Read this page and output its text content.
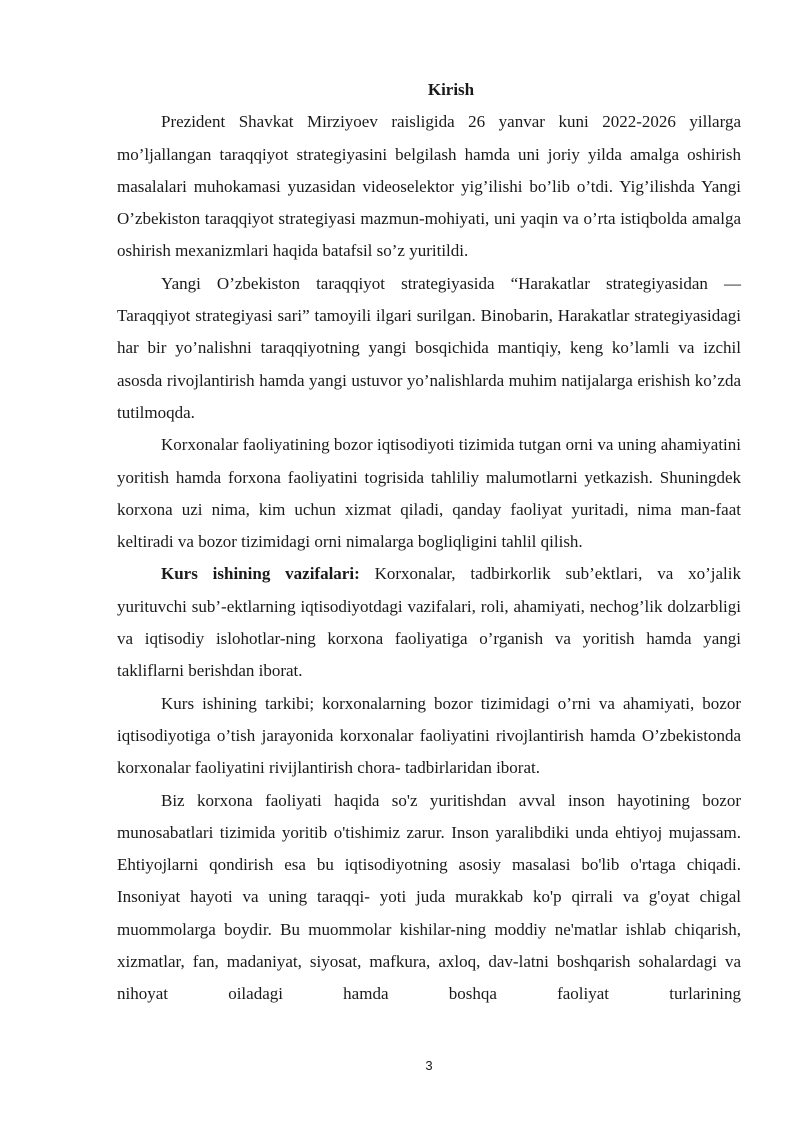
Kirish

Prezident Shavkat Mirziyoev raisligida 26 yanvar kuni 2022-2026 yillarga mo’ljallangan taraqqiyot strategiyasini belgilash hamda uni joriy yilda amalga oshirish masalalari muhokamasi yuzasidan videoselektor yig’ilishi bo’lib o’tdi. Yig’ilishda Yangi O’zbekiston taraqqiyot strategiyasi mazmun-mohiyati, uni yaqin va o’rta istiqbolda amalga oshirish mexanizmlari haqida batafsil so’z yuritildi.

Yangi O’zbekiston taraqqiyot strategiyasida “Harakatlar strategiyasidan — Taraqqiyot strategiyasi sari” tamoyili ilgari surilgan. Binobarin, Harakatlar strategiyasidagi har bir yo’nalishni taraqqiyotning yangi bosqichida mantiqiy, keng ko’lamli va izchil asosda rivojlantirish hamda yangi ustuvor yo’nalishlarda muhim natijalarga erishish ko’zda tutilmoqda.

Korxonalar faoliyatining bozor iqtisodiyoti tizimida tutgan orni va uning ahamiyatini yoritish hamda forxona faoliyatini togrisida tahliliy malumotlarni yetkazish. Shuningdek korxona uzi nima, kim uchun xizmat qiladi, qanday faoliyat yuritadi, nima man-faat keltiradi va bozor tizimidagi orni nimalarga bogliqligini tahlil qilish.

Kurs ishining vazifalari: Korxonalar, tadbirkorlik sub’ektlari, va xo’jalik yurituvchi sub’-ektlarning iqtisodiyotdagi vazifalari, roli, ahamiyati, nechog’lik dolzarbligi va iqtisodiy islohotlar-ning korxona faoliyatiga o’rganish va yoritish hamda yangi takliflarni berishdan iborat.

Kurs ishining tarkibi; korxonalarning bozor tizimidagi o’rni va ahamiyati, bozor iqtisodiyotiga o’tish jarayonida korxonalar faoliyatini rivojlantirish hamda O’zbekistonda korxonalar faoliyatini rivijlantirish chora- tadbirlaridan iborat.

Biz korxona faoliyati haqida so'z yuritishdan avval inson hayotining bozor munosabatlari tizimida yoritib o'tishimiz zarur. Inson yaralibdiki unda ehtiyoj mujassam. Ehtiyojlarni qondirish esa bu iqtisodiyotning asosiy masalasi bo'lib o'rtaga chiqadi. Insoniyat hayoti va uning taraqqi- yoti juda murakkab ko'p qirrali va g'oyat chigal muommolarga boydir. Bu muommolar kishilar-ning moddiy ne'matlar ishlab chiqarish, xizmatlar, fan, madaniyat, siyosat, mafkura, axloq, dav-latni boshqarish sohalardagi va nihoyat oiladagi hamda boshqa faoliyat turlarining

3
